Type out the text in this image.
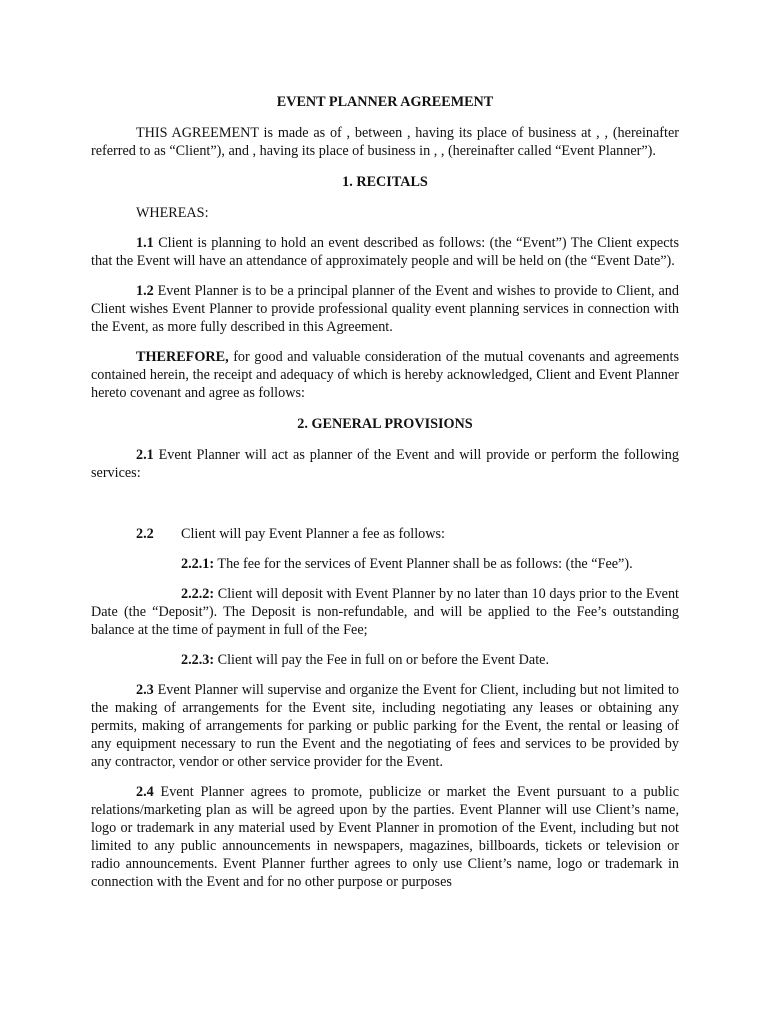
EVENT PLANNER AGREEMENT

THIS AGREEMENT is made as of , between , having its place of business at , , (hereinafter referred to as “Client”), and , having its place of business in , , (hereinafter called “Event Planner”).

1. RECITALS

WHEREAS:

1.1 Client is planning to hold an event described as follows: (the “Event”) The Client expects that the Event will have an attendance of approximately people and will be held on (the “Event Date”).

1.2 Event Planner is to be a principal planner of the Event and wishes to provide to Client, and Client wishes Event Planner to provide professional quality event planning services in connection with the Event, as more fully described in this Agreement.

THEREFORE, for good and valuable consideration of the mutual covenants and agreements contained herein, the receipt and adequacy of which is hereby acknowledged, Client and Event Planner hereto covenant and agree as follows:

2. GENERAL PROVISIONS

2.1 Event Planner will act as planner of the Event and will provide or perform the following services:

2.2	Client will pay Event Planner a fee as follows:

2.2.1: The fee for the services of Event Planner shall be as follows: (the “Fee”).

2.2.2: Client will deposit with Event Planner by no later than 10 days prior to the Event Date (the “Deposit”). The Deposit is non-refundable, and will be applied to the Fee’s outstanding balance at the time of payment in full of the Fee;

2.2.3: Client will pay the Fee in full on or before the Event Date.

2.3 Event Planner will supervise and organize the Event for Client, including but not limited to the making of arrangements for the Event site, including negotiating any leases or obtaining any permits, making of arrangements for parking or public parking for the Event, the rental or leasing of any equipment necessary to run the Event and the negotiating of fees and services to be provided by any contractor, vendor or other service provider for the Event.

2.4 Event Planner agrees to promote, publicize or market the Event pursuant to a public relations/marketing plan as will be agreed upon by the parties. Event Planner will use Client’s name, logo or trademark in any material used by Event Planner in promotion of the Event, including but not limited to any public announcements in newspapers, magazines, billboards, tickets or television or radio announcements. Event Planner further agrees to only use Client’s name, logo or trademark in connection with the Event and for no other purpose or purposes
